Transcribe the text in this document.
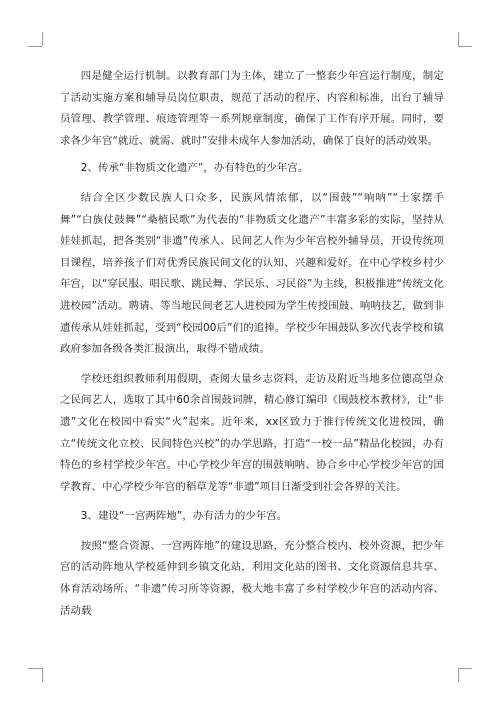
四是健全运行机制。以教育部门为主体，建立了一整套少年宫运行制度，制定了活动实施方案和辅导员岗位职责，规范了活动的程序、内容和标准，出台了辅导员管理、教学管理、痕迹管理等一系列规章制度，确保了工作有序开展。同时，要求各少年宫“就近、就需、就时”安排未成年人参加活动，确保了良好的活动效果。

2、传承“非物质文化遗产”，办有特色的少年宫。

结合全区少数民族人口众多，民族风情浓郁，以“围鼓”“响呐”“土家摆手舞”“白族仗鼓舞”“桑植民歌”为代表的“非物质文化遗产”丰富多彩的实际，坚持从娃娃抓起，把各类别“非遗”传承人、民间艺人作为少年宫校外辅导员，开设传统项目课程，培养孩子们对优秀民族民间文化的认知、兴趣和爱好。在中心学校乡村少年宫，以“穿民服、唱民歌、跳民舞、学民乐、习民俗”为主线，积极推进“传统文化进校园”活动。聘请、等当地民间老艺人进校园为学生传授围鼓、响呐技艺，做到非遗传承从娃娃抓起，受到“校园00后”们的追捧。学校少年围鼓队多次代表学校和镇政府参加各级各类汇报演出，取得不错成绩。

学校还组织教师利用假期，查阅大量乡志资料，走访及附近当地多位德高望众之民间艺人，选取了其中60余首围鼓词牌，精心修订编印《围鼓校本教材》，让“非遗”文化在校园中看实“火”起来。近年来，xx区致力于推行传统文化进校园，确立“传统文化立校、民间特色兴校”的办学思路，打造“一校一品”精品化校园，办有特色的乡村学校少年宫。中心学校少年宫的围鼓响呐、协合乡中心学校少年宫的国学教育、中心学校少年宫的稻草龙等“非遗”项目日渐受到社会各界的关注。

3、建设“一宫两阵地”，办有活力的少年宫。

按照“整合资源、一宫两阵地”的建设思路，充分整合校内、校外资源，把少年宫的活动阵地从学校延伸到乡镇文化站，利用文化站的图书、文化资源信息共享、体育活动场所、“非遗”传习所等资源，极大地丰富了乡村学校少年宫的活动内容、活动载
